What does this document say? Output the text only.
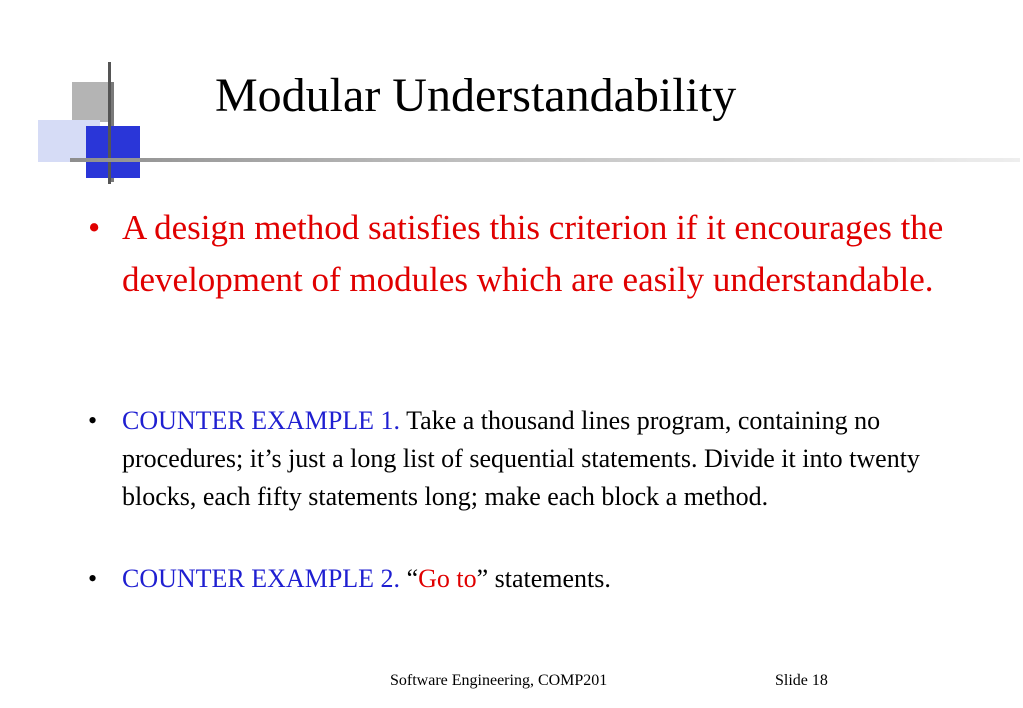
Modular Understandability
• A design method satisfies this criterion if it encourages the development of modules which are easily understandable.
• COUNTER EXAMPLE 1. Take a thousand lines program, containing no procedures; it’s just a long list of sequential statements. Divide it into twenty blocks, each fifty statements long; make each block a method.
• COUNTER EXAMPLE 2. “Go to” statements.
Software Engineering, COMP201	Slide 18
